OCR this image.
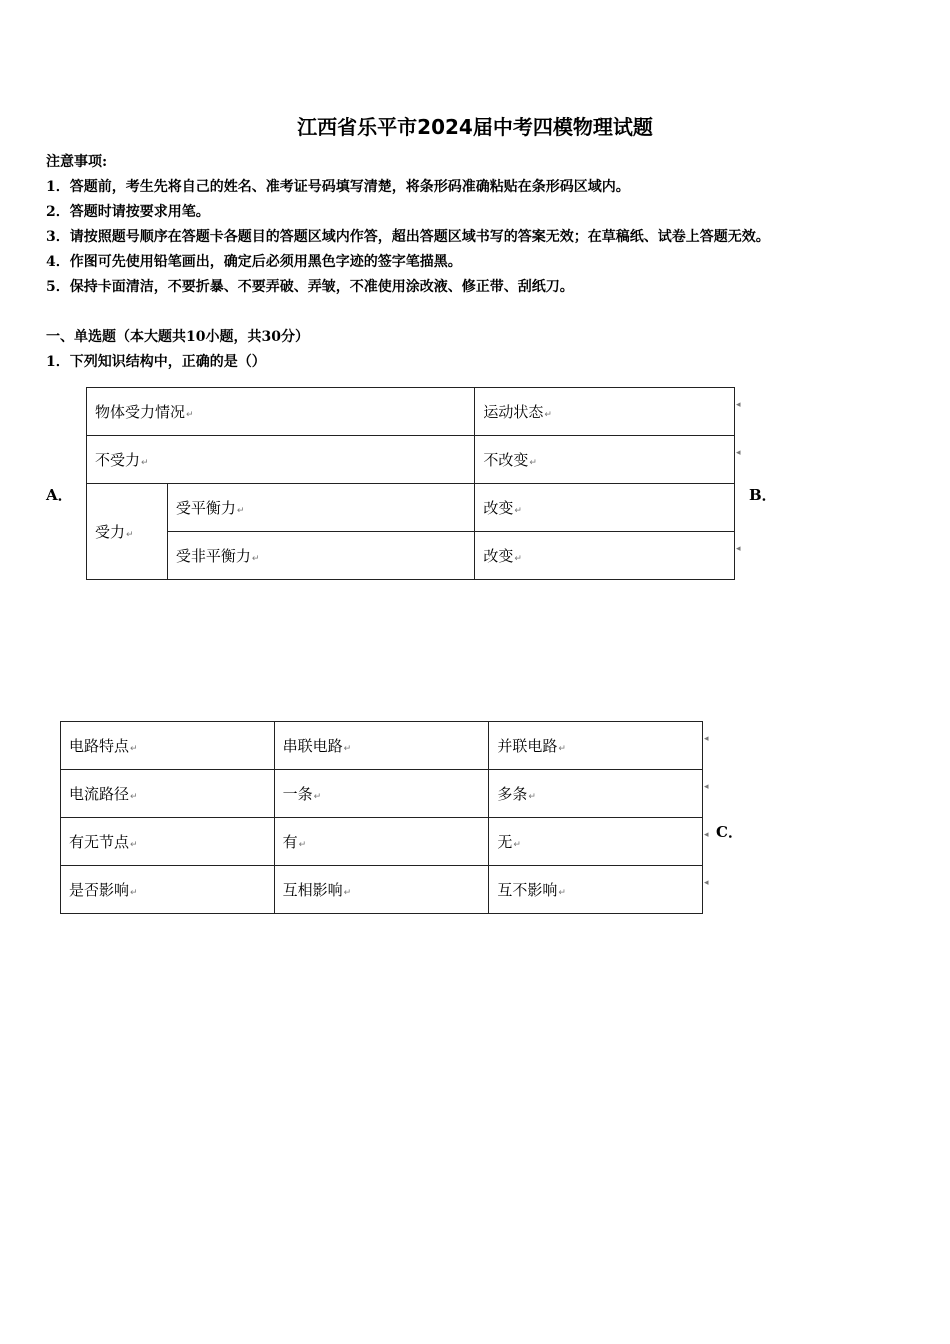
江西省乐平市2024届中考四模物理试题
注意事项:
1．答题前，考生先将自己的姓名、准考证号码填写清楚，将条形码准确粘贴在条形码区域内。
2．答题时请按要求用笔。
3．请按照题号顺序在答题卡各题目的答题区域内作答，超出答题区域书写的答案无效；在草稿纸、试卷上答题无效。
4．作图可先使用铅笔画出，确定后必须用黑色字迹的签字笔描黑。
5．保持卡面清洁，不要折暴、不要弄破、弄皱，不准使用涂改液、修正带、刮纸刀。
一、单选题（本大题共10小题，共30分）
1．下列知识结构中，正确的是（）
A．
物体受力情况↵		运动状态↵
不受力↵		不改变↵
受力↵	受平衡力↵	改变↵
	受非平衡力↵	改变↵
◂
◂
◂
B．
电路特点↵	串联电路↵	并联电路↵
电流路径↵	一条↵	多条↵
有无节点↵	有↵	无↵
是否影响↵	互相影响↵	互不影响↵
◂
◂
◂
◂
C．
